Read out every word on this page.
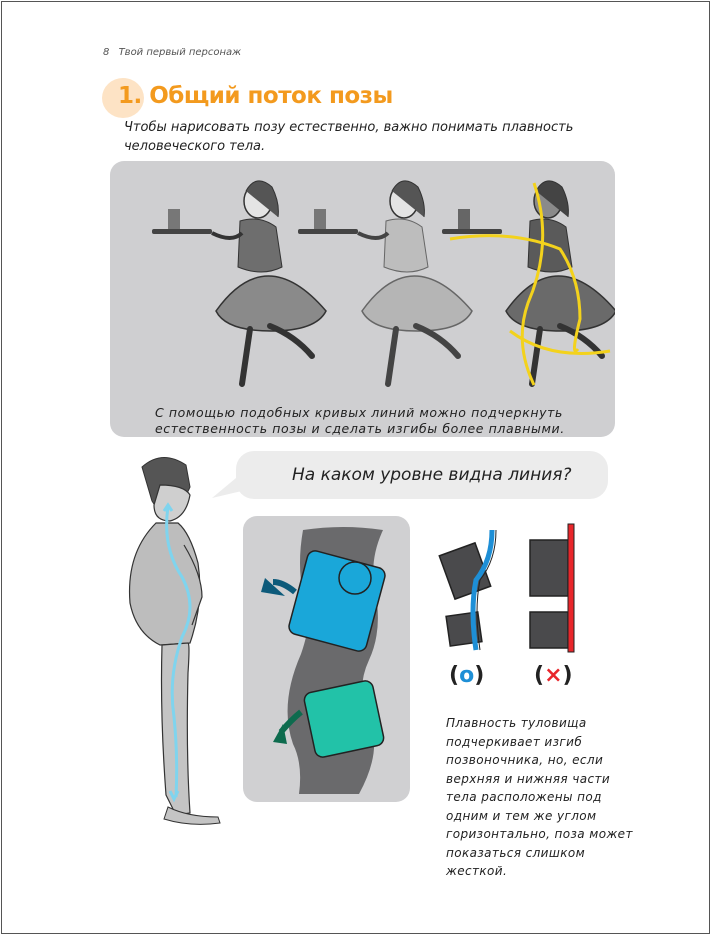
8 Твой первый персонаж
1. Общий поток позы
Чтобы нарисовать позу естественно, важно понимать плавность человеческого тела.
С помощью подобных кривых линий можно подчеркнуть естественность позы и сделать изгибы более плавными.
На каком уровне видна линия?
(o) (×)
Плавность туловища подчеркивает изгиб позвоночника, но, если верхняя и нижняя части тела расположены под одним и тем же углом горизонтально, поза может показаться слишком жесткой.
